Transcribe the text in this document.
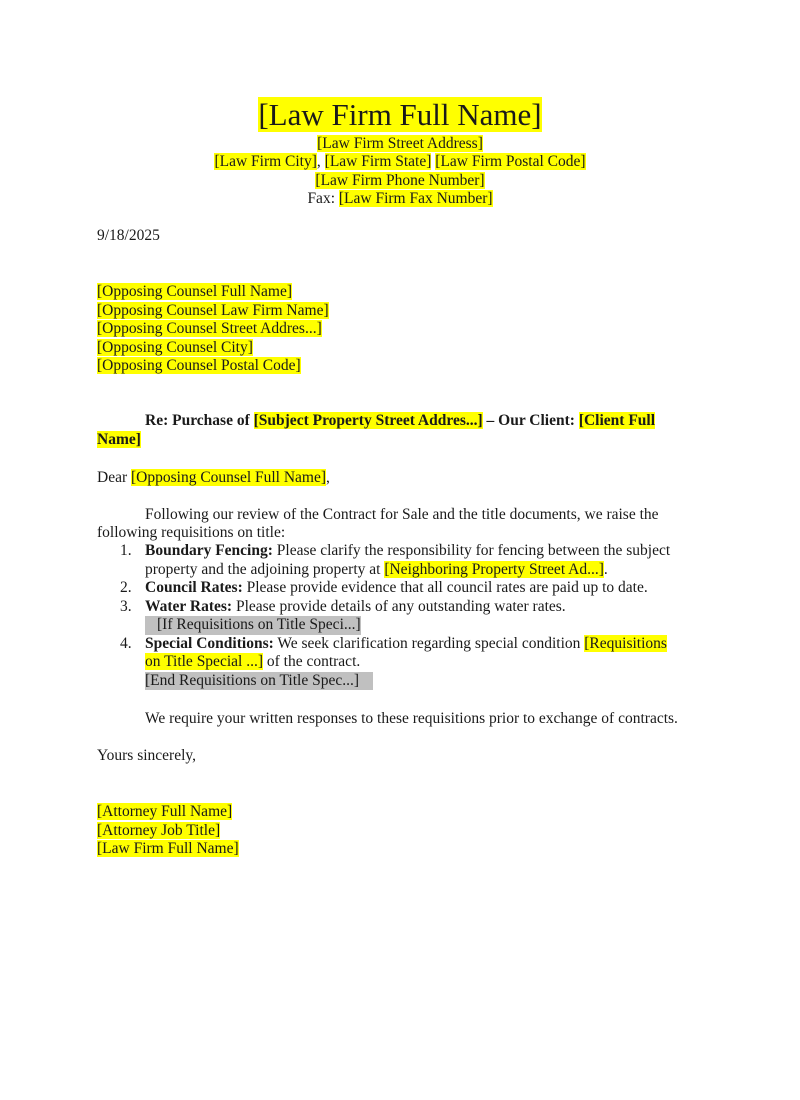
[Law Firm Full Name]
[Law Firm Street Address]
[Law Firm City], [Law Firm State] [Law Firm Postal Code]
[Law Firm Phone Number]
Fax: [Law Firm Fax Number]
9/18/2025
[Opposing Counsel Full Name]
[Opposing Counsel Law Firm Name]
[Opposing Counsel Street Addres...]
[Opposing Counsel City]
[Opposing Counsel Postal Code]
Re: Purchase of [Subject Property Street Addres...] – Our Client: [Client Full
Name]
Dear [Opposing Counsel Full Name],
Following our review of the Contract for Sale and the title documents, we raise the
following requisitions on title:
1. Boundary Fencing: Please clarify the responsibility for fencing between the subject
property and the adjoining property at [Neighboring Property Street Ad...].
2. Council Rates: Please provide evidence that all council rates are paid up to date.
3. Water Rates: Please provide details of any outstanding water rates.
[If Requisitions on Title Speci...]
4. Special Conditions: We seek clarification regarding special condition [Requisitions
on Title Special ...] of the contract.
[End Requisitions on Title Spec...]
We require your written responses to these requisitions prior to exchange of contracts.
Yours sincerely,
[Attorney Full Name]
[Attorney Job Title]
[Law Firm Full Name]
